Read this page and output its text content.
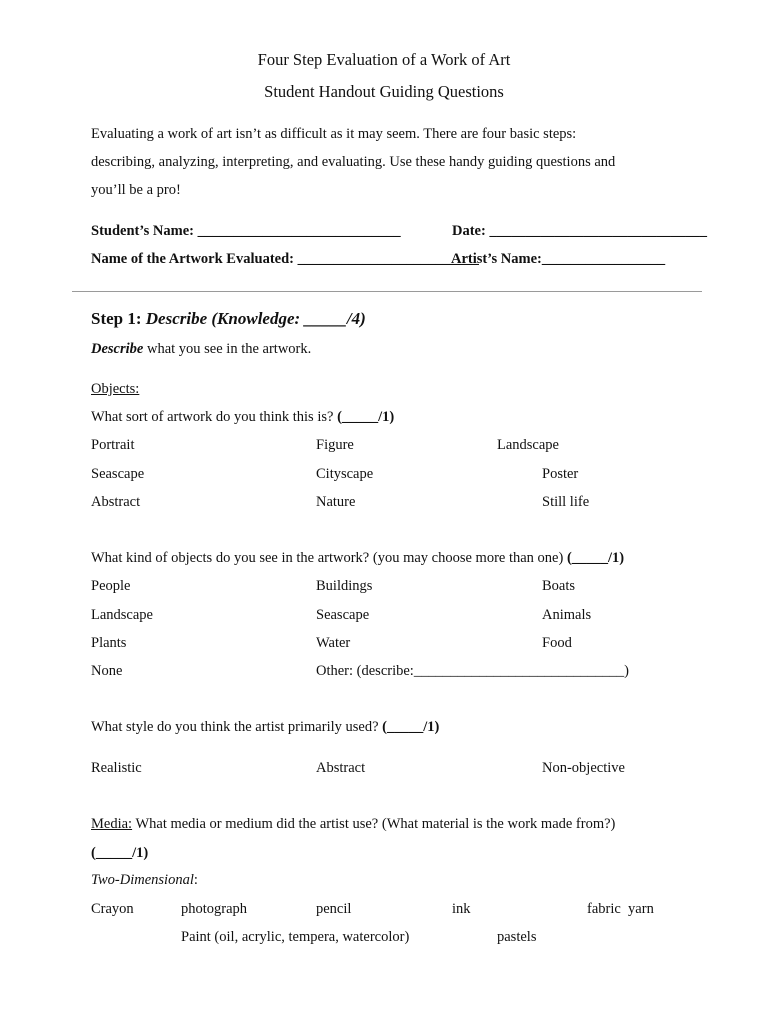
Four Step Evaluation of a Work of Art
Student Handout Guiding Questions
Evaluating a work of art isn’t as difficult as it may seem. There are four basic steps:
describing, analyzing, interpreting, and evaluating. Use these handy guiding questions and
you’ll be a pro!
Student’s Name: ____________________________	Date: ______________________________
Name of the Artwork Evaluated: _________________________
Artist’s Name:_________________
Step 1: Describe (Knowledge: _____/4)
Describe what you see in the artwork.
Objects:
What sort of artwork do you think this is? (_____/1)
Portrait	Figure	Landscape
Seascape	Cityscape	Poster
Abstract	Nature	Still life
What kind of objects do you see in the artwork? (you may choose more than one) (_____/1)
People	Buildings	Boats
Landscape	Seascape	Animals
Plants	Water	Food
None	Other: (describe:_____________________________)
What style do you think the artist primarily used? (_____/1)
Realistic	Abstract	Non-objective
Media: What media or medium did the artist use? (What material is the work made from?)
(_____/1)
Two-Dimensional:
Crayon	photograph	pencil	ink	fabric  yarn
Paint (oil, acrylic, tempera, watercolor)	pastels
